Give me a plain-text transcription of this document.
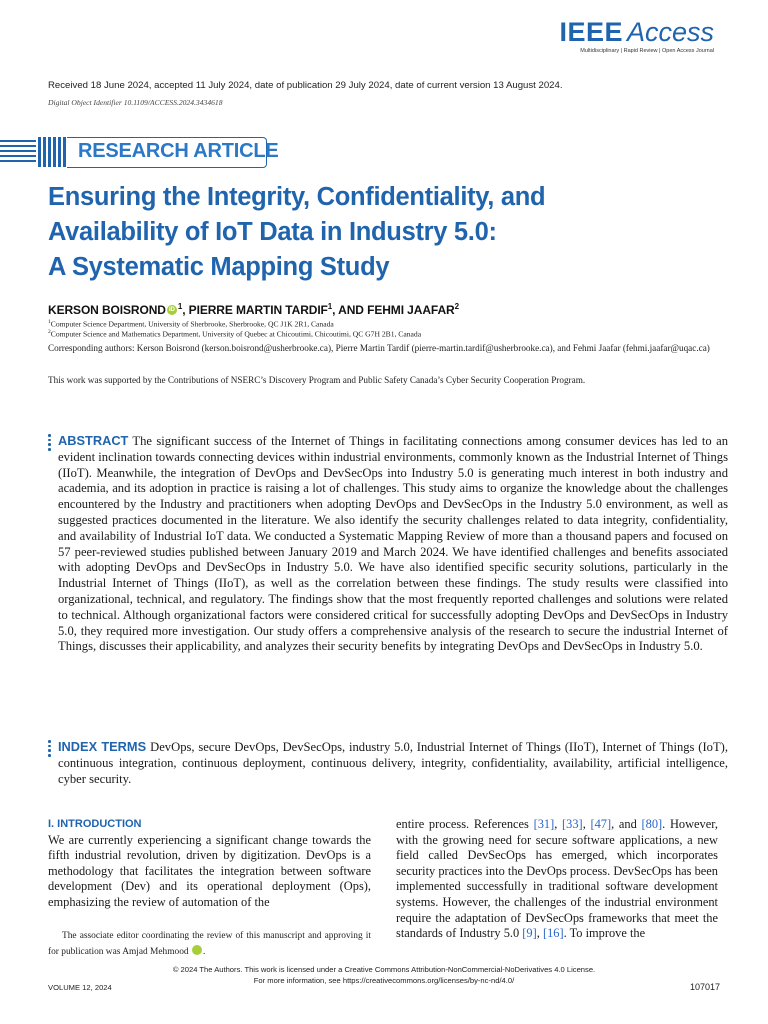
IEEE Access
Multidisciplinary | Rapid Review | Open Access Journal
Received 18 June 2024, accepted 11 July 2024, date of publication 29 July 2024, date of current version 13 August 2024.
Digital Object Identifier 10.1109/ACCESS.2024.3434618
RESEARCH ARTICLE
Ensuring the Integrity, Confidentiality, and
Availability of IoT Data in Industry 5.0:
A Systematic Mapping Study
KERSON BOISROND iD $^1$, PIERRE MARTIN TARDIF$^1$, AND FEHMI JAAFAR$^2$
$^1$Computer Science Department, University of Sherbrooke, Sherbrooke, QC J1K 2R1, Canada
$^2$Computer Science and Mathematics Department, University of Quebec at Chicoutimi, Chicoutimi, QC G7H 2B1, Canada
Corresponding authors: Kerson Boisrond (kerson.boisrond@usherbrooke.ca), Pierre Martin Tardif (pierre-martin.tardif@usherbrooke.ca), and Fehmi Jaafar (fehmi.jaafar@uqac.ca)
This work was supported by the Contributions of NSERC’s Discovery Program and Public Safety Canada’s Cyber Security Cooperation Program.
ABSTRACT The significant success of the Internet of Things in facilitating connections among consumer devices has led to an evident inclination towards connecting devices within industrial environments, commonly known as the Industrial Internet of Things (IIoT). Meanwhile, the integration of DevOps and DevSecOps into Industry 5.0 is generating much interest in both industry and academia, and its adoption in practice is raising a lot of challenges. This study aims to organize the knowledge about the challenges encountered by the Industry and practitioners when adopting DevOps and DevSecOps in the Industry 5.0 environment, as well as suggested practices documented in the literature. We also identify the security challenges related to data integrity, confidentiality, and availability of Industrial IoT data. We conducted a Systematic Mapping Review of more than a thousand papers and focused on 57 peer-reviewed studies published between January 2019 and March 2024. We have identified challenges and benefits associated with adopting DevOps and DevSecOps in Industry 5.0. We have also identified specific security solutions, particularly in the Industrial Internet of Things (IIoT), as well as the correlation between these findings. The study results were classified into organizational, technical, and regulatory. The findings show that the most frequently reported challenges and solutions were related to technical. Although organizational factors were considered critical for successfully adopting DevOps and DevSecOps in Industry 5.0, they required more investigation. Our study offers a comprehensive analysis of the research to secure the industrial Internet of Things, discusses their applicability, and analyzes their security benefits by integrating DevOps and DevSecOps in Industry 5.0.
INDEX TERMS DevOps, secure DevOps, DevSecOps, industry 5.0, Industrial Internet of Things (IIoT), Internet of Things (IoT), continuous integration, continuous deployment, continuous delivery, integrity, confidentiality, availability, artificial intelligence, cyber security.
I. INTRODUCTION
We are currently experiencing a significant change towards the fifth industrial revolution, driven by digitization. DevOps is a methodology that facilitates the integration between software development (Dev) and its operational deployment (Ops), emphasizing the review of automation of the
The associate editor coordinating the review of this manuscript and approving it for publication was Amjad Mehmood	iD.
entire process. References [31], [33], [47], and [80]. However, with the growing need for secure software applications, a new field called DevSecOps has emerged, which incorporates security practices into the DevOps process. DevSecOps has been implemented successfully in traditional software development systems. However, the challenges of the industrial environment require the adaptation of DevSecOps frameworks that meet the standards of Industry 5.0 [9], [16]. To improve the
© 2024 The Authors. This work is licensed under a Creative Commons Attribution-NonCommercial-NoDerivatives 4.0 License.
For more information, see https://creativecommons.org/licenses/by-nc-nd/4.0/
VOLUME 12, 2024	107017
